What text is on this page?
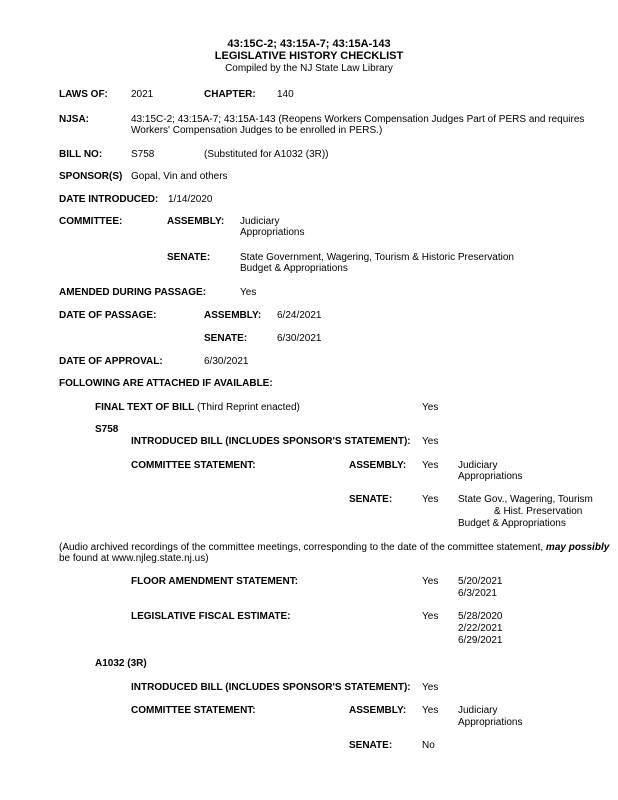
43:15C-2; 43:15A-7; 43:15A-143
LEGISLATIVE HISTORY CHECKLIST
Compiled by the NJ State Law Library
LAWS OF: 2021	CHAPTER: 140
NJSA:	43:15C-2; 43:15A-7; 43:15A-143 (Reopens Workers Compensation Judges Part of PERS and requires
Workers' Compensation Judges to be enrolled in PERS.)
BILL NO:	S758	(Substituted for A1032 (3R))
SPONSOR(S) Gopal, Vin and others
DATE INTRODUCED: 1/14/2020
COMMITTEE:	ASSEMBLY: Judiciary
Appropriations
SENATE:	State Government, Wagering, Tourism & Historic Preservation
Budget & Appropriations
AMENDED DURING PASSAGE:	Yes
DATE OF PASSAGE:	ASSEMBLY: 6/24/2021
SENATE:	6/30/2021
DATE OF APPROVAL:	6/30/2021
FOLLOWING ARE ATTACHED IF AVAILABLE:
FINAL TEXT OF BILL (Third Reprint enacted)	Yes
S758
INTRODUCED BILL (INCLUDES SPONSOR'S STATEMENT): Yes
COMMITTEE STATEMENT:	ASSEMBLY: Yes Judiciary
Appropriations
SENATE:	Yes State Gov., Wagering, Tourism
& Hist. Preservation
Budget & Appropriations
(Audio archived recordings of the committee meetings, corresponding to the date of the committee statement, may possibly
be found at www.njleg.state.nj.us)
FLOOR AMENDMENT STATEMENT:	Yes 5/20/2021
6/3/2021
LEGISLATIVE FISCAL ESTIMATE:	Yes 5/28/2020
2/22/2021
6/29/2021
A1032 (3R)
INTRODUCED BILL (INCLUDES SPONSOR'S STATEMENT): Yes
COMMITTEE STATEMENT:	ASSEMBLY: Yes Judiciary
Appropriations
SENATE:	No
